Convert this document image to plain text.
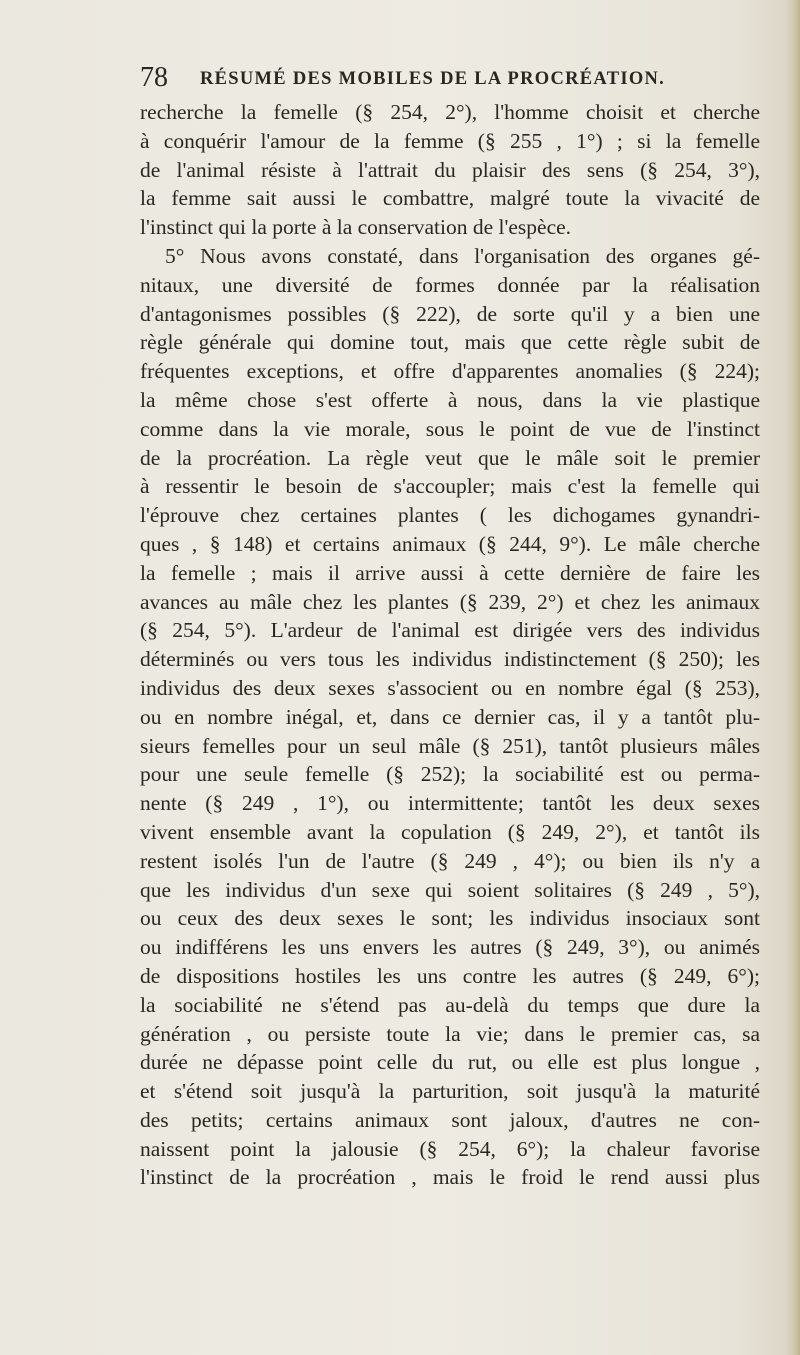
78 RÉSUMÉ DES MOBILES DE LA PROCRÉATION.
recherche la femelle (§ 254, 2°), l'homme choisit et cherche
à conquérir l'amour de la femme (§ 255 , 1°) ; si la femelle
de l'animal résiste à l'attrait du plaisir des sens (§ 254, 3°),
la femme sait aussi le combattre, malgré toute la vivacité de
l'instinct qui la porte à la conservation de l'espèce.
5° Nous avons constaté, dans l'organisation des organes gé-
nitaux, une diversité de formes donnée par la réalisation
d'antagonismes possibles (§ 222), de sorte qu'il y a bien une
règle générale qui domine tout, mais que cette règle subit de
fréquentes exceptions, et offre d'apparentes anomalies (§ 224);
la même chose s'est offerte à nous, dans la vie plastique
comme dans la vie morale, sous le point de vue de l'instinct
de la procréation. La règle veut que le mâle soit le premier
à ressentir le besoin de s'accoupler; mais c'est la femelle qui
l'éprouve chez certaines plantes ( les dichogames gynandri-
ques , § 148) et certains animaux (§ 244, 9°). Le mâle cherche
la femelle ; mais il arrive aussi à cette dernière de faire les
avances au mâle chez les plantes (§ 239, 2°) et chez les animaux
(§ 254, 5°). L'ardeur de l'animal est dirigée vers des individus
déterminés ou vers tous les individus indistinctement (§ 250); les
individus des deux sexes s'associent ou en nombre égal (§ 253),
ou en nombre inégal, et, dans ce dernier cas, il y a tantôt plu-
sieurs femelles pour un seul mâle (§ 251), tantôt plusieurs mâles
pour une seule femelle (§ 252); la sociabilité est ou perma-
nente (§ 249 , 1°), ou intermittente; tantôt les deux sexes
vivent ensemble avant la copulation (§ 249, 2°), et tantôt ils
restent isolés l'un de l'autre (§ 249 , 4°); ou bien ils n'y a
que les individus d'un sexe qui soient solitaires (§ 249 , 5°),
ou ceux des deux sexes le sont; les individus insociaux sont
ou indifférens les uns envers les autres (§ 249, 3°), ou animés
de dispositions hostiles les uns contre les autres (§ 249, 6°);
la sociabilité ne s'étend pas au-delà du temps que dure la
génération , ou persiste toute la vie; dans le premier cas, sa
durée ne dépasse point celle du rut, ou elle est plus longue ,
et s'étend soit jusqu'à la parturition, soit jusqu'à la maturité
des petits; certains animaux sont jaloux, d'autres ne con-
naissent point la jalousie (§ 254, 6°); la chaleur favorise
l'instinct de la procréation , mais le froid le rend aussi plus
